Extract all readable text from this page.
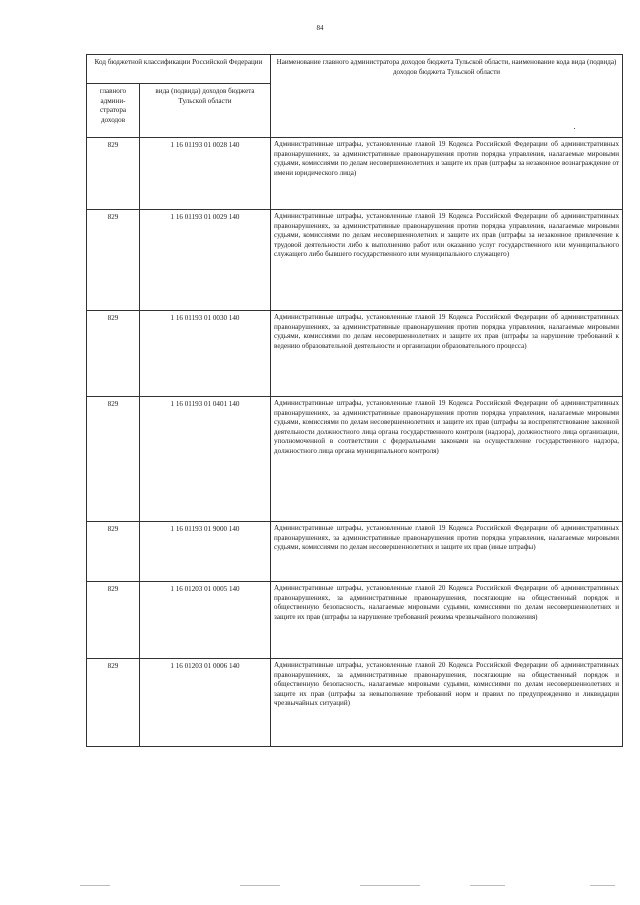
84
Код бюджетной классификации Российской Федерации		Наименование главного администратора доходов бюджета Тульской области, наименование кода вида (подвида) доходов бюджета Тульской области
главного админи-стратора доходов	вида (подвида) доходов бюджета Тульской области	
829	1 16 01193 01 0028 140	Административные штрафы, установленные главой 19 Кодекса Российской Федерации об административных правонарушениях, за административные правонарушения против порядка управления, налагаемые мировыми судьями, комиссиями по делам несовершеннолетних и защите их прав (штрафы за незаконное вознаграждение от имени юридического лица)
829	1 16 01193 01 0029 140	Административные штрафы, установленные главой 19 Кодекса Российской Федерации об административных правонарушениях, за административные правонарушения против порядка управления, налагаемые мировыми судьями, комиссиями по делам несовершеннолетних и защите их прав (штрафы за незаконное привлечение к трудовой деятельности либо к выполнению работ или оказанию услуг государственного или муниципального служащего либо бывшего государственного или муниципального служащего)
829	1 16 01193 01 0030 140	Административные штрафы, установленные главой 19 Кодекса Российской Федерации об административных правонарушениях, за административные правонарушения против порядка управления, налагаемые мировыми судьями, комиссиями по делам несовершеннолетних и защите их прав (штрафы за нарушение требований к ведению образовательной деятельности и организации образовательного процесса)
829	1 16 01193 01 0401 140	Административные штрафы, установленные главой 19 Кодекса Российской Федерации об административных правонарушениях, за административные правонарушения против порядка управления, налагаемые мировыми судьями, комиссиями по делам несовершеннолетних и защите их прав (штрафы за воспрепятствование законной деятельности должностного лица органа государственного контроля (надзора), должностного лица организации, уполномоченной в соответствии с федеральными законами на осуществление государственного надзора, должностного лица органа муниципального контроля)
829	1 16 01193 01 9000 140	Административные штрафы, установленные главой 19 Кодекса Российской Федерации об административных правонарушениях, за административные правонарушения против порядка управления, налагаемые мировыми судьями, комиссиями по делам несовершеннолетних и защите их прав (иные штрафы)
829	1 16 01203 01 0005 140	Административные штрафы, установленные главой 20 Кодекса Российской Федерации об административных правонарушениях, за административные правонарушения, посягающие на общественный порядок и общественную безопасность, налагаемые мировыми судьями, комиссиями по делам несовершеннолетних и защите их прав (штрафы за нарушение требований режима чрезвычайного положения)
829	1 16 01203 01 0006 140	Административные штрафы, установленные главой 20 Кодекса Российской Федерации об административных правонарушениях, за административные правонарушения, посягающие на общественный порядок и общественную безопасность, налагаемые мировыми судьями, комиссиями по делам несовершеннолетних и защите их прав (штрафы за невыполнение требований норм и правил по предупреждению и ликвидации чрезвычайных ситуаций)
